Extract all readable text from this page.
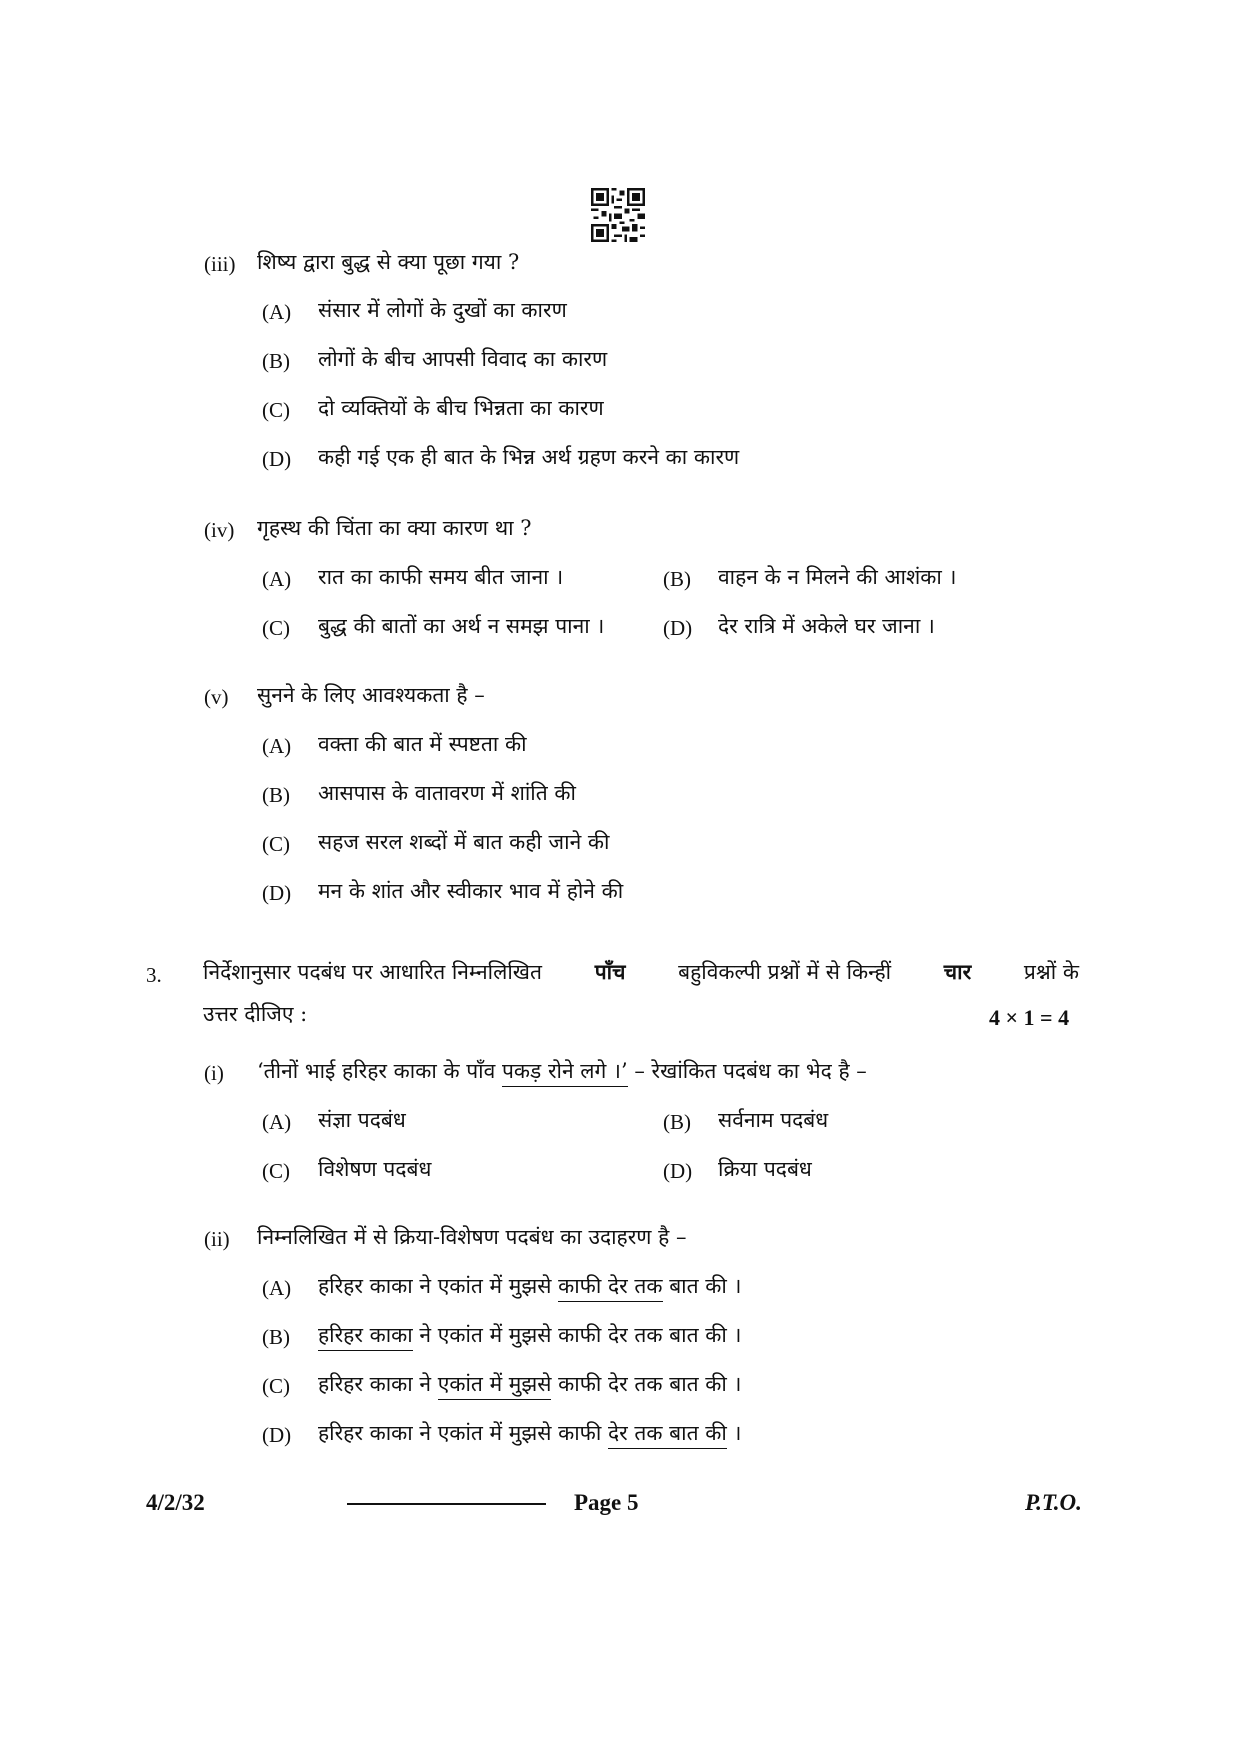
(iii) शिष्य द्वारा बुद्ध से क्या पूछा गया ?
(A) संसार में लोगों के दुखों का कारण
(B) लोगों के बीच आपसी विवाद का कारण
(C) दो व्यक्तियों के बीच भिन्नता का कारण
(D) कही गई एक ही बात के भिन्न अर्थ ग्रहण करने का कारण
(iv) गृहस्थ की चिंता का क्या कारण था ?
(A) रात का काफी समय बीत जाना ।	(B) वाहन के न मिलने की आशंका ।
(C) बुद्ध की बातों का अर्थ न समझ पाना ।	(D) देर रात्रि में अकेले घर जाना ।
(v) सुनने के लिए आवश्यकता है –
(A) वक्ता की बात में स्पष्टता की
(B) आसपास के वातावरण में शांति की
(C) सहज सरल शब्दों में बात कही जाने की
(D) मन के शांत और स्वीकार भाव में होने की
3. निर्देशानुसार पदबंध पर आधारित निम्नलिखित	पाँच	बहुविकल्पी प्रश्नों में से किन्हीं	चार	प्रश्नों के
उत्तर दीजिए :	4 × 1 = 4
(i) ‘तीनों भाई हरिहर काका के पाँव पकड़ रोने लगे ।’ – रेखांकित पदबंध का भेद है –
(A) संज्ञा पदबंध	(B) सर्वनाम पदबंध
(C) विशेषण पदबंध	(D) क्रिया पदबंध
(ii) निम्नलिखित में से क्रिया-विशेषण पदबंध का उदाहरण है –
(A) हरिहर काका ने एकांत में मुझसे काफी देर तक बात की ।
(B) हरिहर काका ने एकांत में मुझसे काफी देर तक बात की ।
(C) हरिहर काका ने एकांत में मुझसे काफी देर तक बात की ।
(D) हरिहर काका ने एकांत में मुझसे काफी देर तक बात की ।
4/2/32	Page 5	P.T.O.
